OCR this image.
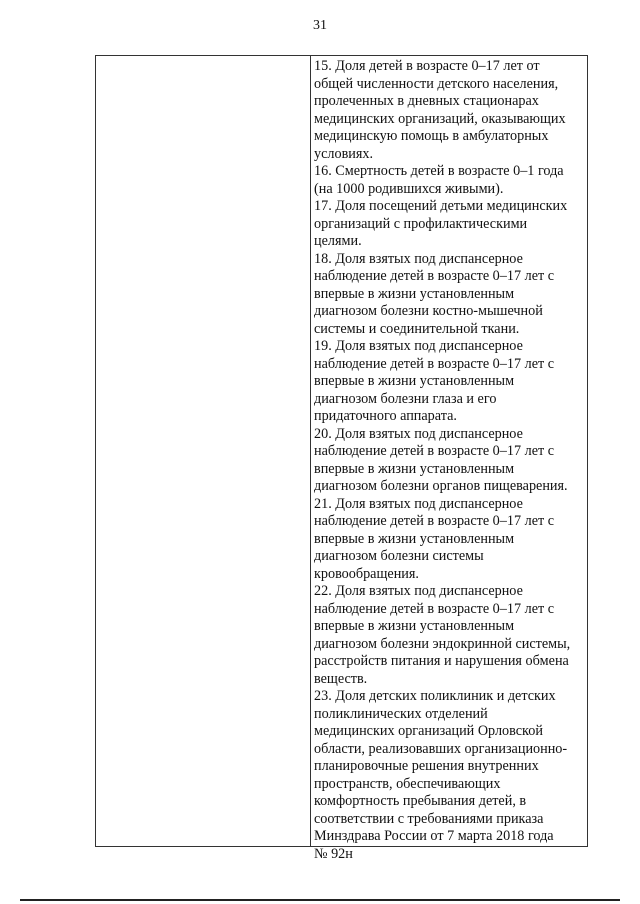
31
15. Доля детей в возрасте 0–17 лет от
общей численности детского населения,
пролеченных в дневных стационарах
медицинских организаций, оказывающих
медицинскую помощь в амбулаторных
условиях.
16. Смертность детей в возрасте 0–1 года
(на 1000 родившихся живыми).
17. Доля посещений детьми медицинских
организаций с профилактическими
целями.
18. Доля взятых под диспансерное
наблюдение детей в возрасте 0–17 лет с
впервые в жизни установленным
диагнозом болезни костно-мышечной
системы и соединительной ткани.
19. Доля взятых под диспансерное
наблюдение детей в возрасте 0–17 лет с
впервые в жизни установленным
диагнозом болезни глаза и его
придаточного аппарата.
20. Доля взятых под диспансерное
наблюдение детей в возрасте 0–17 лет с
впервые в жизни установленным
диагнозом болезни органов пищеварения.
21. Доля взятых под диспансерное
наблюдение детей в возрасте 0–17 лет с
впервые в жизни установленным
диагнозом болезни системы
кровообращения.
22. Доля взятых под диспансерное
наблюдение детей в возрасте 0–17 лет с
впервые в жизни установленным
диагнозом болезни эндокринной системы,
расстройств питания и нарушения обмена
веществ.
23. Доля детских поликлиник и детских
поликлинических отделений
медицинских организаций Орловской
области, реализовавших организационно-
планировочные решения внутренних
пространств, обеспечивающих
комфортность пребывания детей, в
соответствии с требованиями приказа
Минздрава России от 7 марта 2018 года
№ 92н
